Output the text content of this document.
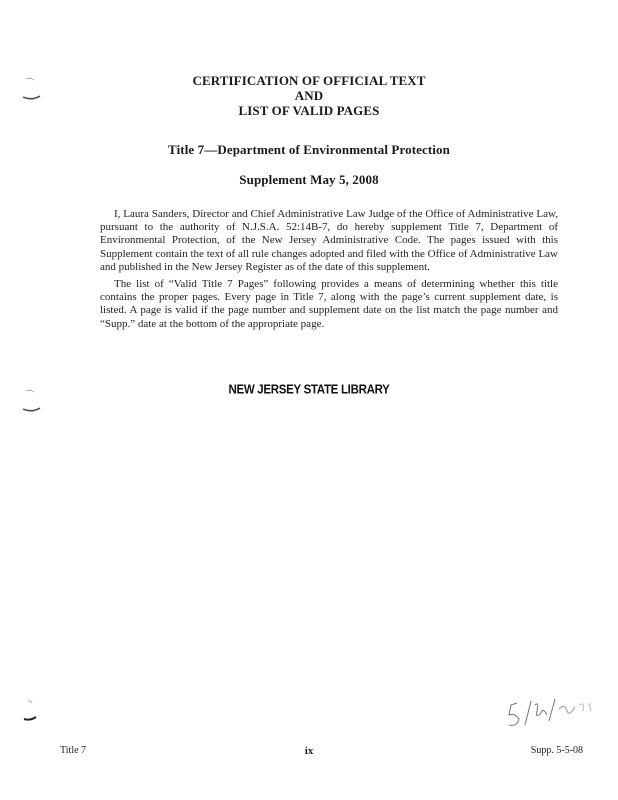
CERTIFICATION OF OFFICIAL TEXT
AND
LIST OF VALID PAGES
Title 7—Department of Environmental Protection
Supplement May 5, 2008

I, Laura Sanders, Director and Chief Administrative Law Judge of the Office of Administrative Law, pursuant to the authority of N.J.S.A. 52:14B-7, do hereby supplement Title 7, Department of Environmental Protection, of the New Jersey Administrative Code. The pages issued with this Supplement contain the text of all rule changes adopted and filed with the Office of Administrative Law and published in the New Jersey Register as of the date of this supplement.

The list of “Valid Title 7 Pages” following provides a means of determining whether this title contains the proper pages. Every page in Title 7, along with the page’s current supplement date, is listed. A page is valid if the page number and supplement date on the list match the page number and “Supp.” date at the bottom of the appropriate page.

NEW JERSEY STATE LIBRARY
Title 7	ix	Supp. 5-5-08
